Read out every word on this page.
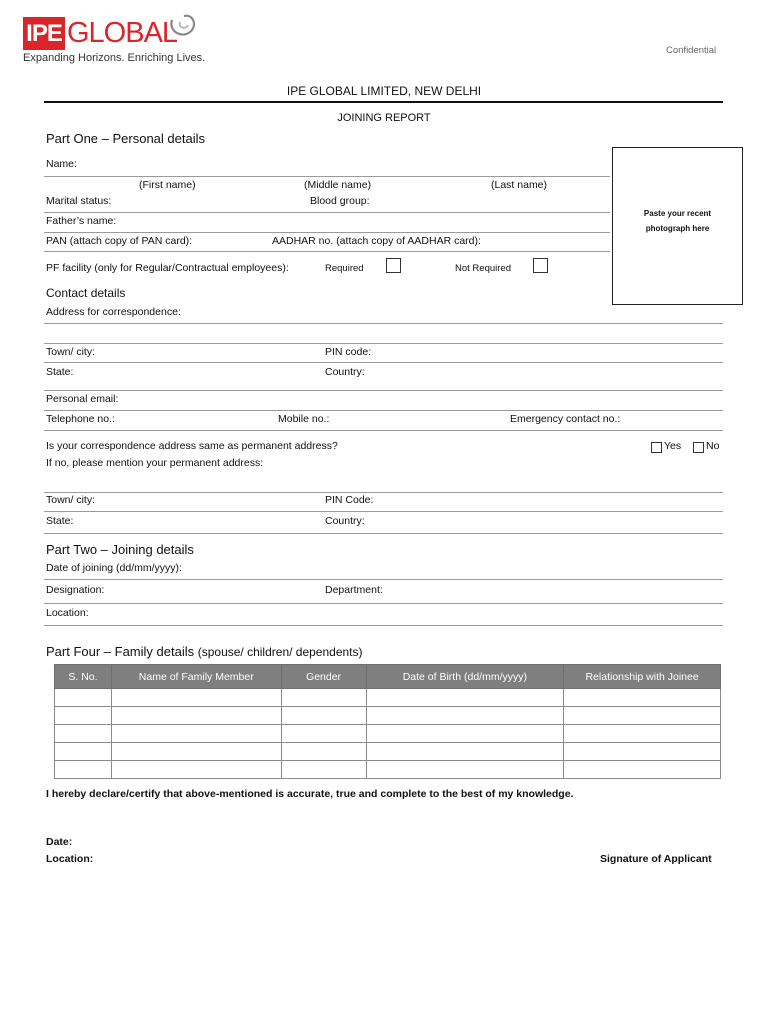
IPE GLOBAL
Expanding Horizons. Enriching Lives.
Confidential
IPE GLOBAL LIMITED, NEW DELHI
JOINING REPORT
Part One – Personal details
Name:
(First name)	(Middle name)	(Last name)
Marital status:	Blood group:
Father’s name:
PAN (attach copy of PAN card):	AADHAR no. (attach copy of AADHAR card):
PF facility (only for Regular/Contractual employees):	Required	Not Required
Paste your recent
photograph here
Contact details
Address for correspondence:
Town/ city:	PIN code:
State:	Country:
Personal email:
Telephone no.:	Mobile no.:	Emergency contact no.:
Is your correspondence address same as permanent address?	Yes No
If no, please mention your permanent address:
Town/ city:	PIN Code:
State:	Country:
Part Two – Joining details
Date of joining (dd/mm/yyyy):
Designation:	Department:
Location:
Part Four – Family details (spouse/ children/ dependents)
S. No.	Name of Family Member	Gender	Date of Birth (dd/mm/yyyy)	Relationship with Joinee

I hereby declare/certify that above-mentioned is accurate, true and complete to the best of my knowledge.
Date:
Location:	Signature of Applicant
